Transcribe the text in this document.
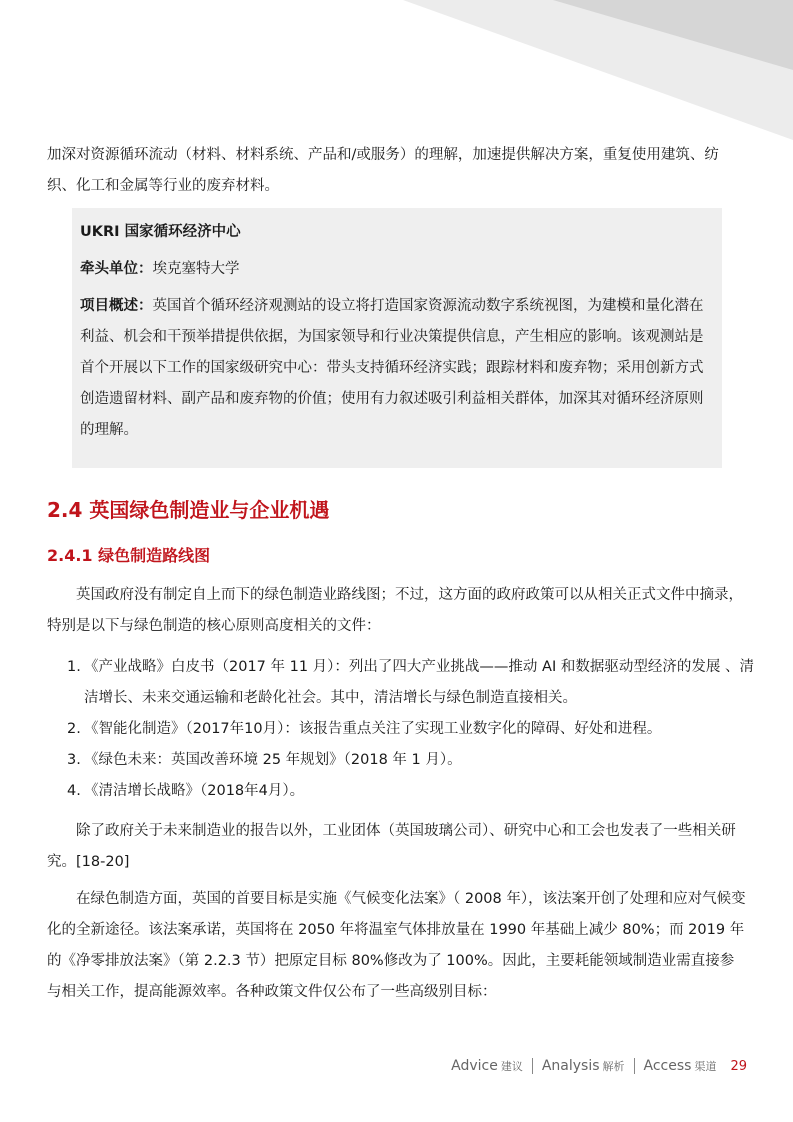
加深对资源循环流动（材料、材料系统、产品和/或服务）的理解，加速提供解决方案，重复使用建筑、纺织、化工和金属等行业的废弃材料。

UKRI 国家循环经济中心

牵头单位：埃克塞特大学

项目概述：英国首个循环经济观测站的设立将打造国家资源流动数字系统视图，为建模和量化潜在利益、机会和干预举措提供依据，为国家领导和行业决策提供信息，产生相应的影响。该观测站是首个开展以下工作的国家级研究中心：带头支持循环经济实践；跟踪材料和废弃物；采用创新方式创造遗留材料、副产品和废弃物的价值；使用有力叙述吸引利益相关群体，加深其对循环经济原则的理解。

2.4 英国绿色制造业与企业机遇
2.4.1 绿色制造路线图

英国政府没有制定自上而下的绿色制造业路线图；不过，这方面的政府政策可以从相关正式文件中摘录，特别是以下与绿色制造的核心原则高度相关的文件：

1. 《产业战略》白皮书（2017 年 11 月）：列出了四大产业挑战——推动 AI 和数据驱动型经济的发展 、清洁增长、未来交通运输和老龄化社会。其中，清洁增长与绿色制造直接相关。
2. 《智能化制造》（2017年10月）：该报告重点关注了实现工业数字化的障碍、好处和进程。
3. 《绿色未来：英国改善环境 25 年规划》（2018 年 1 月）。
4. 《清洁增长战略》（2018年4月）。

除了政府关于未来制造业的报告以外，工业团体（英国玻璃公司）、研究中心和工会也发表了一些相关研究。[18-20]

在绿色制造方面，英国的首要目标是实施《气候变化法案》（ 2008 年），该法案开创了处理和应对气候变化的全新途径。该法案承诺，英国将在 2050 年将温室气体排放量在 1990 年基础上减少 80%；而 2019 年的《净零排放法案》（第 2.2.3 节）把原定目标 80%修改为了 100%。因此，主要耗能领域制造业需直接参与相关工作，提高能源效率。各种政策文件仅公布了一些高级别目标：

Advice 建议 Analysis 解析 Access 渠道 29
